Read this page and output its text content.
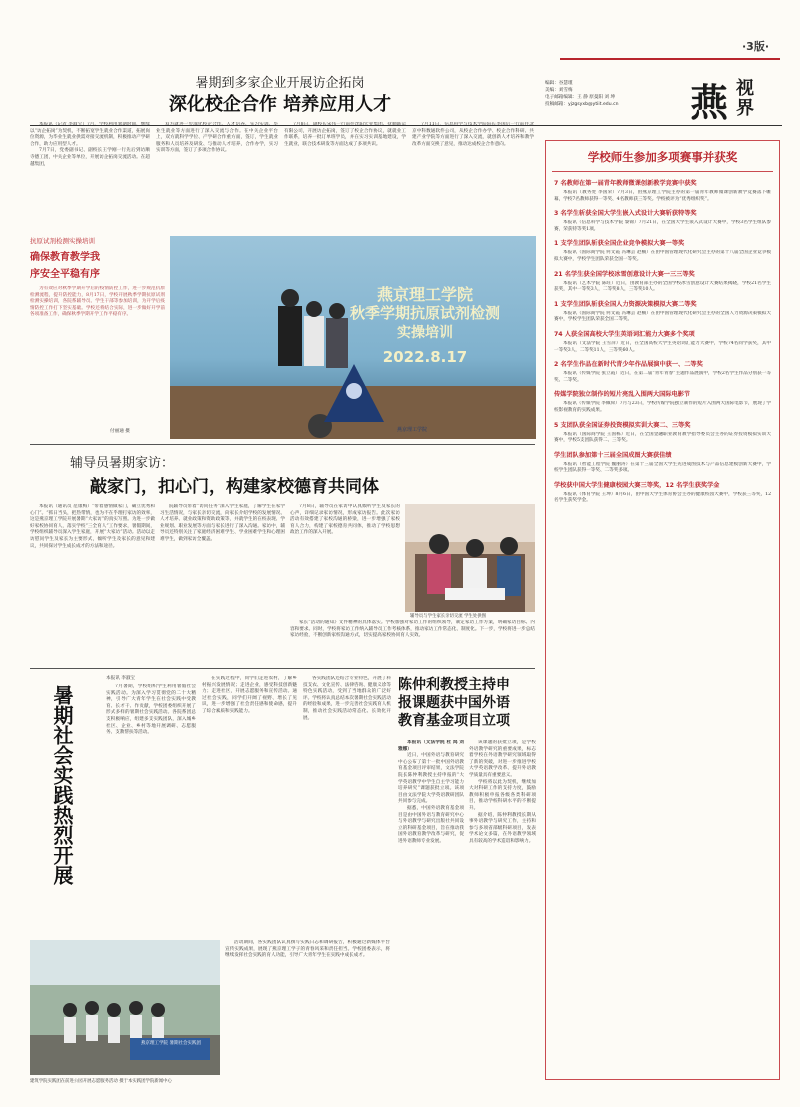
·3版·
编辑：谷慧瑾
美编：刘雪梅
电子邮箱编辑：王 静 原曼阳 刘 坤
投稿邮箱：yjzgsyxb@ytiit.edu.cn	燕 视
界
暑期到多家企业开展访企拓岗
深化校企合作 培养应用人才

本报讯（记者 李淑宝）7月，学校利用暑期时间，继续以“访企拓岗”为契机，不断拓宽学生就业合作渠道，拓展岗位资源，为毕业生就业供需对接交流机制，积极推动产学研合作，助力应用型人才。

7月7日，党委副书记、副校长王学刚一行先后到访顺寺德工团，中关企业等单位，开展访企拓岗交流活动。在超越集团，

双方就进一步深化校企合作、人才培养、实习实训、毕业生就业等方面进行了深入交流与合作。在中关企业平台上，双方就科学学位、产学研合作重方面，签订，学生就业服务和人员培养及研发、与推动人才培养，合作办学，实习实训等方面，签订了多项合作协议。

7月8日，副校长宋伟一行前往沈阳宏业集团、抚顺联运有限公司，开展访企拓岗，签订了校企合作协议，就就业工作联系，培养一批订单班学员，并在实习实训基地建设，学生就业，联合技术研发等方面达成了多项共识。

7月11日，信息科学与技术学院院长李国后一行前往北京中科数通软件公司，从校企合作办学、校企合作科研、共建产业学院等方面进行了深入交流，就创新人才培养和教学改革方面交换了意见，推动达成校企合作意向。

抗原试剂检测实操培训
确保教育教学我
序安全平稳有序

为有效应对秋季学期开学后的疫情防控工作，进一步规范抗原检测流程，提升防控能力，8月17日，学校开展秋季学期抗原试剂检测实操培训，各院系辅导员、学生干部等参加培训，为开学后疫情防控工作打下坚实基础。学校还将结合实际，进一步做好开学前各项准备工作，确保秋季学期开学工作平稳有序。

燕京理工学院
秋季学期抗原试剂检测
实操培训
2022.8.17
燕京理工学院
付丽通 摄
辅导员暑期家访：
敲家门，扣心门，构建家校德育共同体

本报讯（通讯员 范康梅）“带着感情做家门，确立优秀和心门”。“抓日当头，把热带情，也为不在乎理打家访的效率，这是燕京理工学院开展暑期“大家访”的真实写照。为进一步做好家校协同育人，落实学校“三全育人”工作要求，暑假期间，学校组织辅导员深入学生家庭，开展“大家访”活动。活动以走访慰问学生及家长为主要形式，倾听学生及家长的意见和建议，共同探讨学生成长成才的方法和途径。

院辅导员带着“访问任务”深入学生家庭，了解学生在家学习生活情况，与家长亲切交流，向家长介绍学校的发展情况、人才培养、就业政策和资助政策等，并就学生的在校表现、学业规划、职业发展等方面与家长进行了深入沟通。家访中，辅导员还特别关注了家庭经济困难学生、学业困难学生和心理困难学生，做到家访全覆盖。

7月8日，辅导员在家访中认真倾听学生及家长的心声，详细记录家访情况，形成家访报告。此次家访活动有效搭建了家校沟通的桥梁，进一步增强了家校育人合力，构建了家校德育共同体，推动了学校思想政治工作的深入开展。

辅导员与学生家长亲切交流 学生处供图

家长”活动的通知》文件精神的具体落实。学校加强对家访工作的组织领导，制定家访工作方案，明确家访目标、内容和要求。同时，学校将家访工作纳入辅导员工作考核体系，推动家访工作常态化、制度化。下一步，学校将进一步总结家访经验，不断创新家校沟通方式，切实提高家校协同育人实效。

暑期社会实践热烈开展
本报讯 李淑宝

7月暑期，学校组织学生利用暑假社会实践活动。为深入学习贯彻党的二十大精神，引导广大青年学生在社会实践中受教育、长才干、作贡献，学校团委组织开展了形式多样的暑期社会实践活动。各院系团总支积极响应，组建多支实践团队，深入城乡社区、企业、乡村等地开展调研、志愿服务、支教帮扶等活动。

在实践过程中，同学们走进农村，了解乡村振兴发展情况；走进企业，感受科技创新魅力；走进社区，开展志愿服务和宣传活动。通过社会实践，同学们开阔了视野、增长了见识，进一步增强了社会责任感和使命感，提升了综合素质和实践能力。

各实践团队还结合专业特色，开展了科技支农、文化宣传、法律咨询、健康义诊等特色实践活动，受到了当地群众的广泛好评。学校将认真总结本次暑期社会实践活动的经验和成果，进一步完善社会实践育人机制，推动社会实践活动常态化、长效化开展。

燕京理工学院 暑期社会实践团
建筑学院实践团在前进公园开展志愿服务活动 摄于本实践团学院新闻中心

活动期间，各实践团队认真撰写实践日志和调研报告，积极通过新媒体平台宣传实践成果，展现了燕京理工学子的青春风采和责任担当。学校团委表示，将继续发挥社会实践的育人功能，引导广大青年学生在实践中成长成才。

陈仲利教授主持申
报课题获中国外语
教育基金项目立项

本报讯（文法学院 杜 鸿 刘雅娜）

近日，中国外语与教育研究中心公布了第十一批中国外语教育基金项目评审结果，文法学院院长陈仲利教授主持申报的“大学英语教学中学生自主学习能力培养研究”课题获批立项。该项目由文法学院大学英语教研团队共同参与完成。

据悉，中国外语教育基金项目是由中国外语与教育研究中心与外语教学与研究出版社共同设立的科研基金项目，旨在推动我国外语教育教学改革与研究，促进外语教师专业发展。

该课题的获批立项，是学校外语教学研究的重要成果，标志着学校在外语教学研究领域取得了新的突破，对进一步推进学校大学英语教学改革、提升外语教学质量具有重要意义。

学校将以此为契机，继续加大对科研工作的支持力度，鼓励教师积极申报各级各类科研项目，推动学校科研水平的不断提升。

据介绍，陈仲利教授长期从事外语教学与研究工作，主持和参与多项省部级科研项目，发表学术论文多篇，在外语教学领域具有较高的学术造诣和影响力。

学校师生参加多项赛事并获奖
7 名教师在第一届青年教师微课创新教学竞赛中获奖
本报讯（教务处 李国荣）7月3日，由燕京理工学院主办的第一届青年教师微课创新教学竞赛落下帷幕，学校7名教师获得一等奖、4名教师获三等奖。学校被评为“优秀组织奖”。
3 名学生斩获全国大学生嵌入式设计大赛斩获特等奖
本报讯（信息科学与技术学院 黎锦）7月21日，在全国大学生嵌入式设计大赛中，学校3名学生组队参赛，荣获特等奖1项。
1 支学生团队斩获全国企业竞争模拟大赛一等奖
本报讯（国际商学院 何文霞 冯琳芸 赵楠）在由中国管理现代化研究会主办的第十八届全国企业竞争模拟大赛中，学校学生团队荣获全国一等奖。
21 名学生获全国学校冰雪创意设计大赛一三三等奖
本报讯（艺术学院 陈旺）近日，由教育部主办的全国学校冰雪创意设计大赛结果揭晓，学校21名学生获奖，其中一等奖3人，二等奖8人，三等奖10人。
1 支学生团队斩获全国人力资源决策模拟大赛二等奖
本报讯（国际商学院 何文霞 冯琳芸 赵楠）在由中国管理现代化研究会主办的全国人力资源决策模拟大赛中，学校学生团队荣获全国二等奖。
74 人获全国高校大学生英语词汇能力大赛多个奖项
本报讯（文法学院 王雪萍）近日，在全国高校大学生英语词汇能力大赛中，学校74名同学获奖，其中一等奖3人，二等奖11人，三等奖60人。
2 名学生作品在新时代青少年作品展演中获一、二等奖
本报讯（传媒学院 张立霞）近日，在第二届“青年青春”主题作品展演中，学校2名学生作品分别获一等奖、二等奖。
传媒学院独立制作的短片亮乱入围两大国际电影节
本报讯（传媒学院 李佩舜）7月与23日，学校传媒学院独立制作的短片入围两大国际电影节，展现了学校影视教育的实践成果。
5 支团队获全国证券投资模拟实训大赛二、三等奖
本报讯（国际商学院 王国栋）近日，在全国金融职业教育教学指导委员会主办的证券投资模拟实训大赛中，学校5支团队获得二、三等奖。
学生团队参加第十三届全国成图大赛获佳绩
本报讯（智能工程学院 魏丽涛）在第十三届全国大学生先进成图技术与产品信息建模创新大赛中，学校学生团队获得一等奖、二等奖多项。
学校获中国大学生健康校园大赛三等奖，12 名学生获奖学金
本报讯（体育学院 王坤）8月6日，由中国大学生体育协会主办的健康校园大赛中，学校获三等奖，12名学生获奖学金。
